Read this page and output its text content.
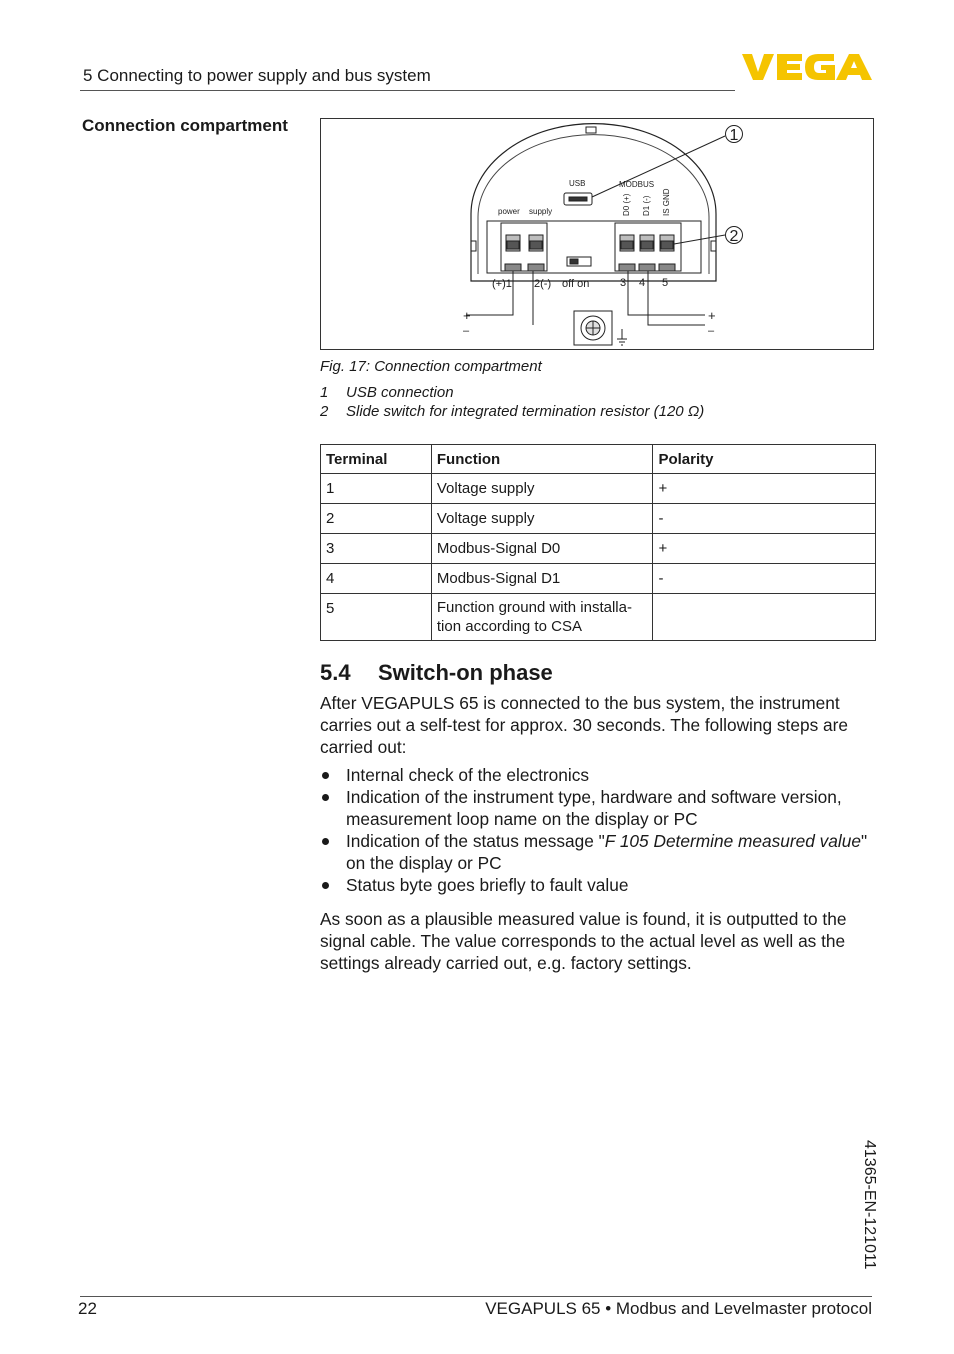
5 Connecting to power supply and bus system
Connection compartment
1
2
USB	MODBUS
power supply	D0 (+) D1 (-) IS GND
(+)1 2(-) off on	3 4 5
+
–
+
–
Fig. 17: Connection compartment
1 USB connection
2 Slide switch for integrated termination resistor (120 Ω)
Terminal	Function	Polarity
1	Voltage supply	+
2	Voltage supply	-
3	Modbus-Signal D0	+
4	Modbus-Signal D1	-
5	Function ground with installa-
tion according to CSA	
5.4 Switch-on phase
After VEGAPULS 65 is connected to the bus system, the instrument carries out a self-test for approx. 30 seconds. The following steps are carried out:
Internal check of the electronics
Indication of the instrument type, hardware and software version, measurement loop name on the display or PC
Indication of the status message "F 105 Determine measured value" on the display or PC
Status byte goes briefly to fault value
As soon as a plausible measured value is found, it is outputted to the signal cable. The value corresponds to the actual level as well as the settings already carried out, e.g. factory settings.
41365-EN-121011
22	VEGAPULS 65 • Modbus and Levelmaster protocol
